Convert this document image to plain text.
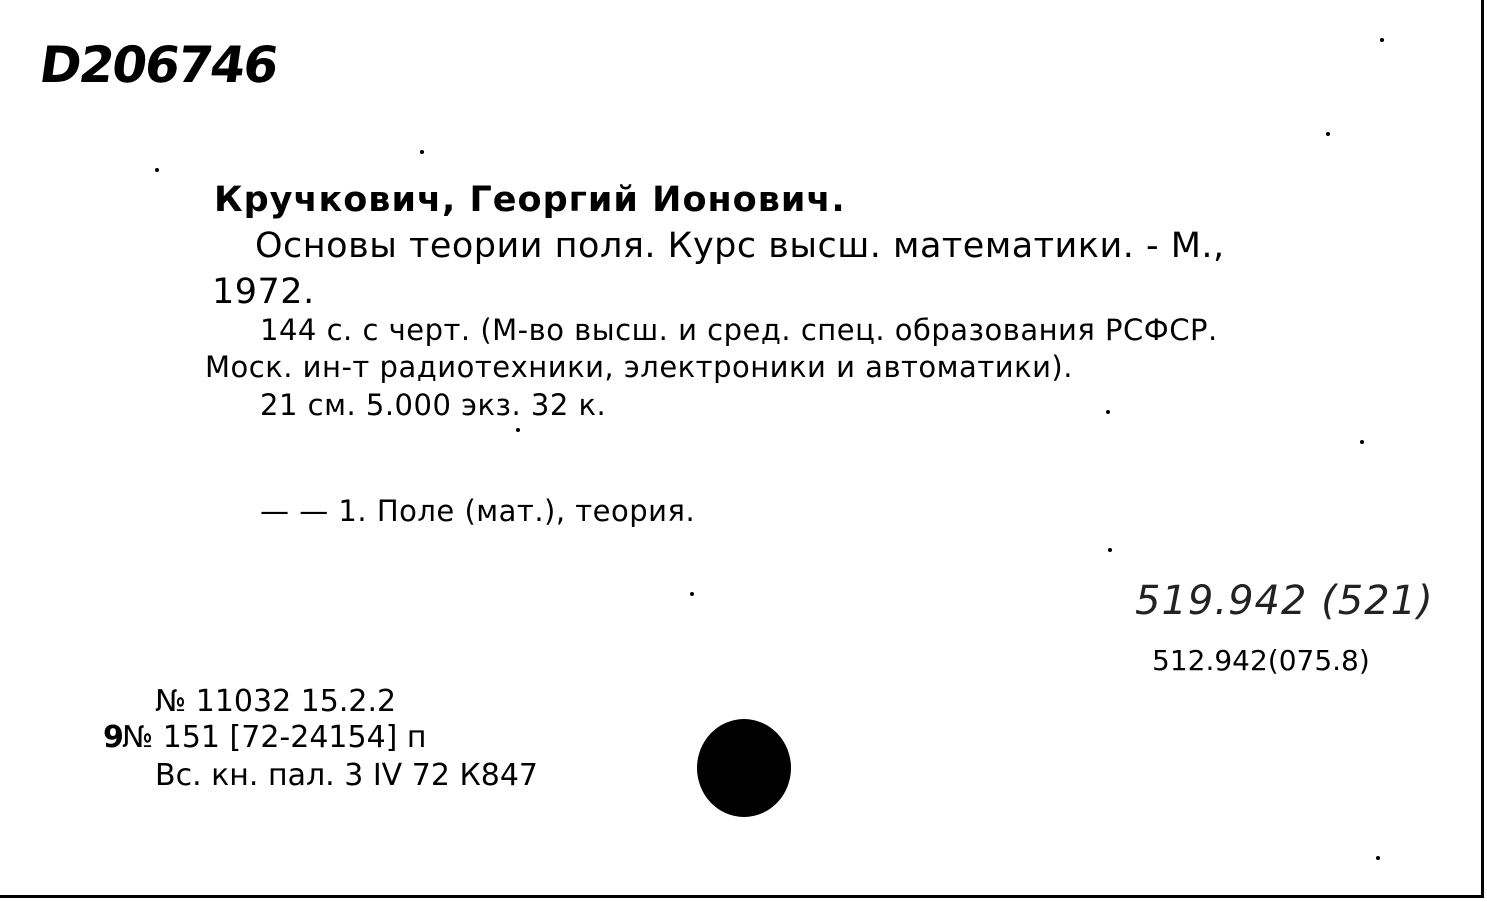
D206746
Кручкович, Георгий Ионович.
Основы теории поля. Курс высш. математики. - М.,
1972.
144 с. с черт. (М-во высш. и сред. спец. образования РСФСР.
Моск. ин-т радиотехники, электроники и автоматики).
21 см. 5.000 экз. 32 к.
— — 1. Поле (мат.), теория.
519.942 (521)
512.942(075.8)
№ 11032 15.2.2
9
№ 151 [72-24154] п
Вс. кн. пал. 3 IV 72 К847
